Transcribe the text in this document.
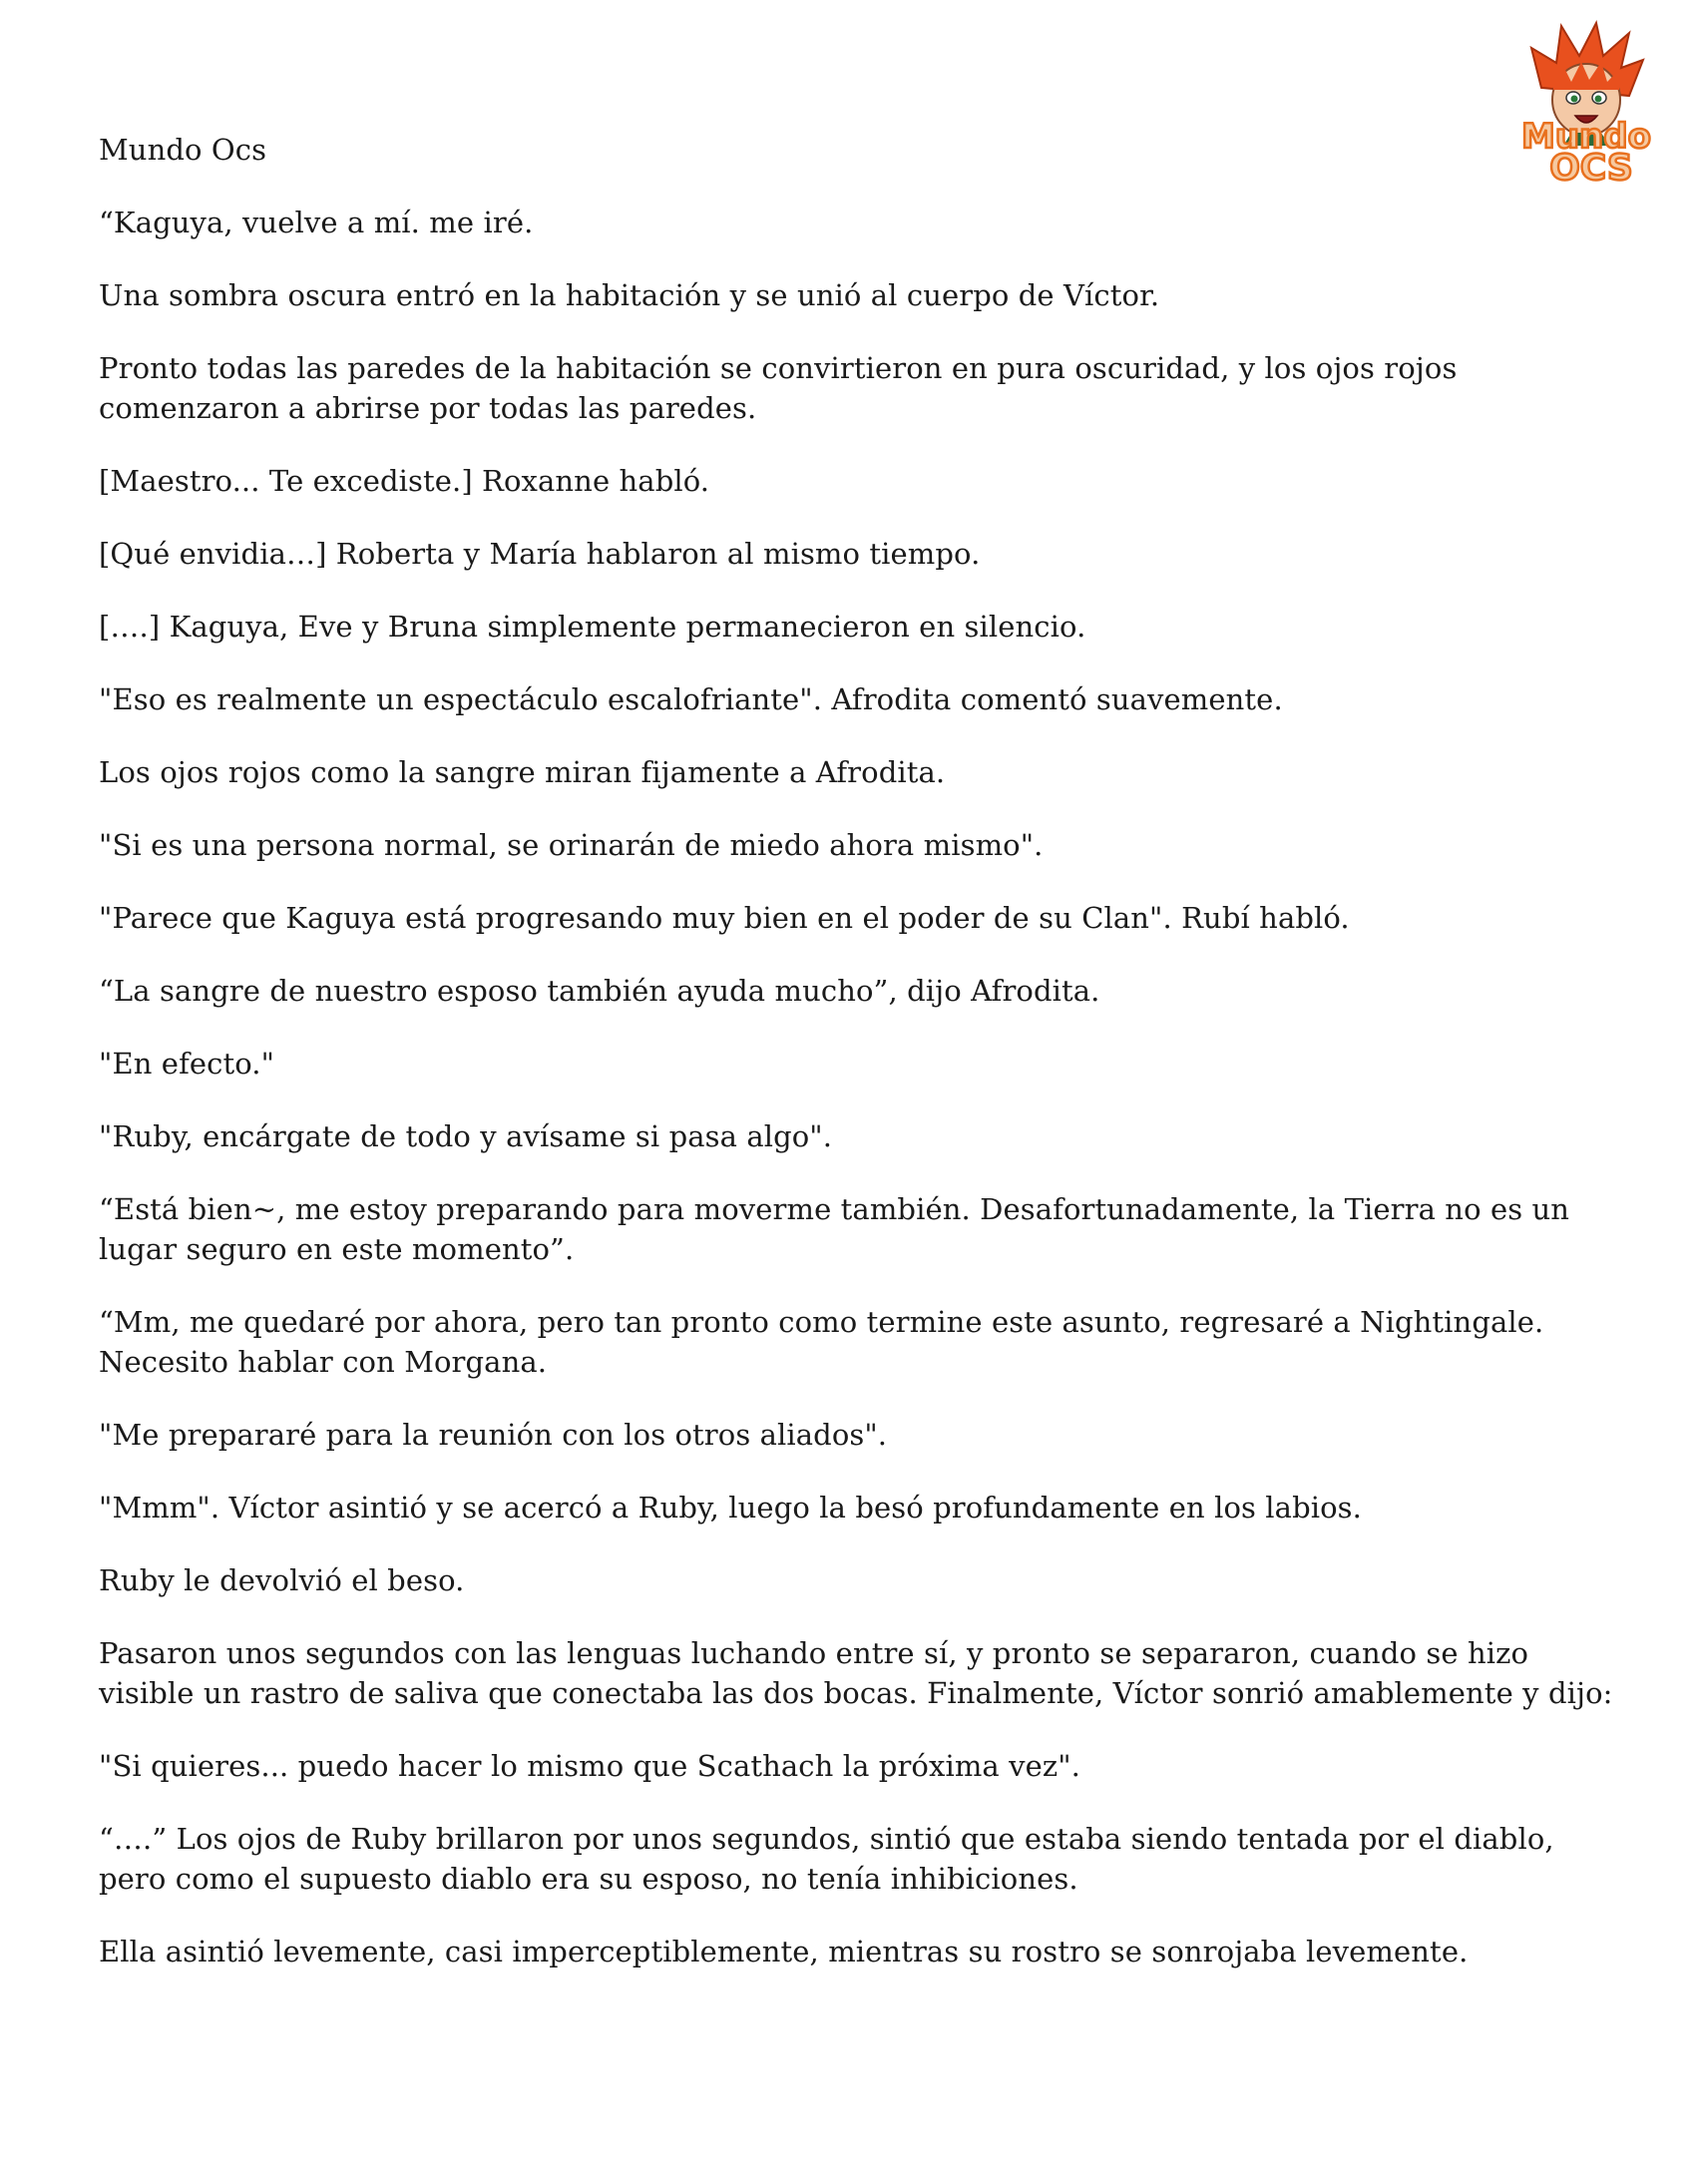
Mundo
OCS

Mundo Ocs

“Kaguya, vuelve a mí. me iré.

Una sombra oscura entró en la habitación y se unió al cuerpo de Víctor.

Pronto todas las paredes de la habitación se convirtieron en pura oscuridad, y los ojos rojos comenzaron a abrirse por todas las paredes.

[Maestro... Te excediste.] Roxanne habló.

[Qué envidia…] Roberta y María hablaron al mismo tiempo.

[….] Kaguya, Eve y Bruna simplemente permanecieron en silencio.

"Eso es realmente un espectáculo escalofriante". Afrodita comentó suavemente.

Los ojos rojos como la sangre miran fijamente a Afrodita.

"Si es una persona normal, se orinarán de miedo ahora mismo".

"Parece que Kaguya está progresando muy bien en el poder de su Clan". Rubí habló.

“La sangre de nuestro esposo también ayuda mucho”, dijo Afrodita.

"En efecto."

"Ruby, encárgate de todo y avísame si pasa algo".

“Está bien~, me estoy preparando para moverme también. Desafortunadamente, la Tierra no es un lugar seguro en este momento”.

“Mm, me quedaré por ahora, pero tan pronto como termine este asunto, regresaré a Nightingale. Necesito hablar con Morgana.

"Me prepararé para la reunión con los otros aliados".

"Mmm". Víctor asintió y se acercó a Ruby, luego la besó profundamente en los labios.

Ruby le devolvió el beso.

Pasaron unos segundos con las lenguas luchando entre sí, y pronto se separaron, cuando se hizo visible un rastro de saliva que conectaba las dos bocas. Finalmente, Víctor sonrió amablemente y dijo:

"Si quieres... puedo hacer lo mismo que Scathach la próxima vez".

“….” Los ojos de Ruby brillaron por unos segundos, sintió que estaba siendo tentada por el diablo, pero como el supuesto diablo era su esposo, no tenía inhibiciones.

Ella asintió levemente, casi imperceptiblemente, mientras su rostro se sonrojaba levemente.
